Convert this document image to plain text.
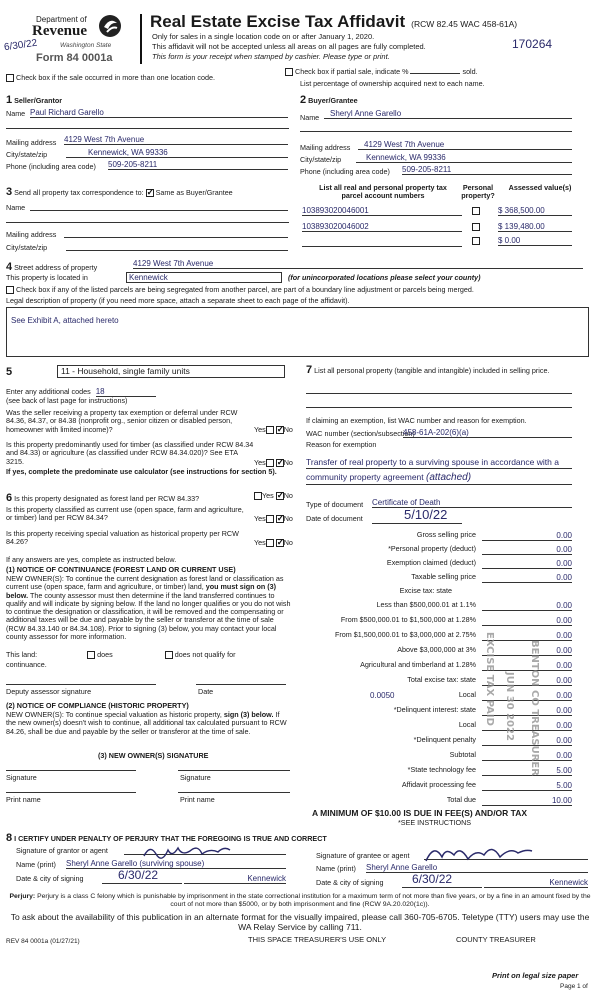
Department of
Revenue
Washington State
6/30/22
Form 84 0001a
Real Estate Excise Tax Affidavit (RCW 82.45 WAC 458-61A)
Only for sales in a single location code on or after January 1, 2020.
This affidavit will not be accepted unless all areas on all pages are fully completed.
This form is your receipt when stamped by cashier. Please type or print.
170264
Check box if the sale occurred in more than one location code.
Check box if partial sale, indicate %	sold.
List percentage of ownership acquired next to each name.
1 Seller/Grantor
Name Paul Richard Garello
Mailing address 4129 West 7th Avenue
City/state/zip	Kennewick, WA 99336
Phone (including area code) 509-205-8211
2 Buyer/Grantee
Name	Sheryl Anne Garello
Mailing address	4129 West 7th Avenue
City/state/zip	Kennewick, WA 99336
Phone (including area code) 509-205-8211
3 Send all property tax correspondence to: ✓ Same as Buyer/Grantee
Name
Mailing address
City/state/zip
List all real and personal property tax parcel account numbers
Personal property?
Assessed value(s)
103893020046001	$ 368,500.00
103893020046002	$ 139,480.00
$ 0.00
4 Street address of property	4129 West 7th Avenue
This property is located in	Kennewick	(for unincorporated locations please select your county)
Check box if any of the listed parcels are being segregated from another parcel, are part of a boundary line adjustment or parcels being merged.
Legal description of property (if you need more space, attach a separate sheet to each page of the affidavit).
See Exhibit A, attached hereto
5	11 - Household, single family units
Enter any additional codes 18
(see back of last page for instructions)
Was the seller receiving a property tax exemption or deferral under RCW 84.36, 84.37, or 84.38 (nonprofit org., senior citizen or disabled person, homeowner with limited income)?	Yes ✓	No
Is this property predominantly used for timber (as classified under RCW 84.34 and 84.33) or agriculture (as classified under RCW 84.34.020)? See ETA 3215.	Yes ✓	No
If yes, complete the predominate use calculator (see instructions for section 5).
6 Is this property designated as forest land per RCW 84.33?	Yes ✓ No
Is this property classified as current use (open space, farm and agriculture, or timber) land per RCW 84.34?	Yes ✓	No
Is this property receiving special valuation as historical property per RCW 84.26?	Yes ✓	No
If any answers are yes, complete as instructed below.
(1) NOTICE OF CONTINUANCE (FOREST LAND OR CURRENT USE)
NEW OWNER(S): To continue the current designation as forest land or classification as current use (open space, farm and agriculture, or timber) land, you must sign on (3) below. The county assessor must then determine if the land transferred continues to qualify and will indicate by signing below. If the land no longer qualifies or you do not wish to continue the designation or classification, it will be removed and the compensating or additional taxes will be due and payable by the seller or transferor at the time of sale (RCW 84.33.140 or 84.34.108). Prior to signing (3) below, you may contact your local county assessor for more information.
This land:	does	does not qualify for
continuance.
Deputy assessor signature	Date
(2) NOTICE OF COMPLIANCE (HISTORIC PROPERTY)
NEW OWNER(S): To continue special valuation as historic property, sign (3) below. If the new owner(s) doesn't wish to continue, all additional tax calculated pursuant to RCW 84.26, shall be due and payable by the seller or transferor at the time of sale.
(3) NEW OWNER(S) SIGNATURE
Signature	Signature
Print name	Print name
7 List all personal property (tangible and intangible) included in selling price.
If claiming an exemption, list WAC number and reason for exemption.
WAC number (section/subsection)
458-61A-202(6)(a)
Reason for exemption
Transfer of real property to a surviving spouse in accordance with a
community property agreement (attached)
Type of document Certificate of Death
Date of document	5/10/22
Gross selling price	0.00
*Personal property (deduct)	0.00
Exemption claimed (deduct)	0.00
Taxable selling price	0.00
Excise tax: state
Less than $500,000.01 at 1.1%	0.00
From $500,000.01 to $1,500,000 at 1.28%	0.00
From $1,500,000.01 to $3,000,000 at 2.75%	0.00
Above $3,000,000 at 3%	0.00
Agricultural and timberland at 1.28%	0.00
Total excise tax: state	0.00
0.0050	Local	0.00
*Delinquent interest: state	0.00
Local	0.00
*Delinquent penalty	0.00
Subtotal	0.00
*State technology fee	5.00
Affidavit processing fee	5.00
Total due	10.00
A MINIMUM OF $10.00 IS DUE IN FEE(S) AND/OR TAX
*SEE INSTRUCTIONS
EXCISE TAX PAID JUN 30 2022 BENTON CO TREASURER
8 I CERTIFY UNDER PENALTY OF PERJURY THAT THE FOREGOING IS TRUE AND CORRECT
Signature of grantor or agent
Name (print) Sheryl Anne Garello (surviving spouse)
Date & city of signing	6/30/22	Kennewick
Signature of grantee or agent
Name (print) Sheryl Anne Garello
Date & city of signing	6/30/22	Kennewick
Perjury: Perjury is a class C felony which is punishable by imprisonment in the state correctional institution for a maximum term of not more than five years, or by a fine in an amount fixed by the court of not more than $5000, or by both imprisonment and fine (RCW 9A.20.020(1c)).
To ask about the availability of this publication in an alternate format for the visually impaired, please call 360-705-6705. Teletype (TTY) users may use the WA Relay Service by calling 711.
REV 84 0001a (01/27/21)	THIS SPACE TREASURER'S USE ONLY	COUNTY TREASURER
Print on legal size paper
Page 1 of
